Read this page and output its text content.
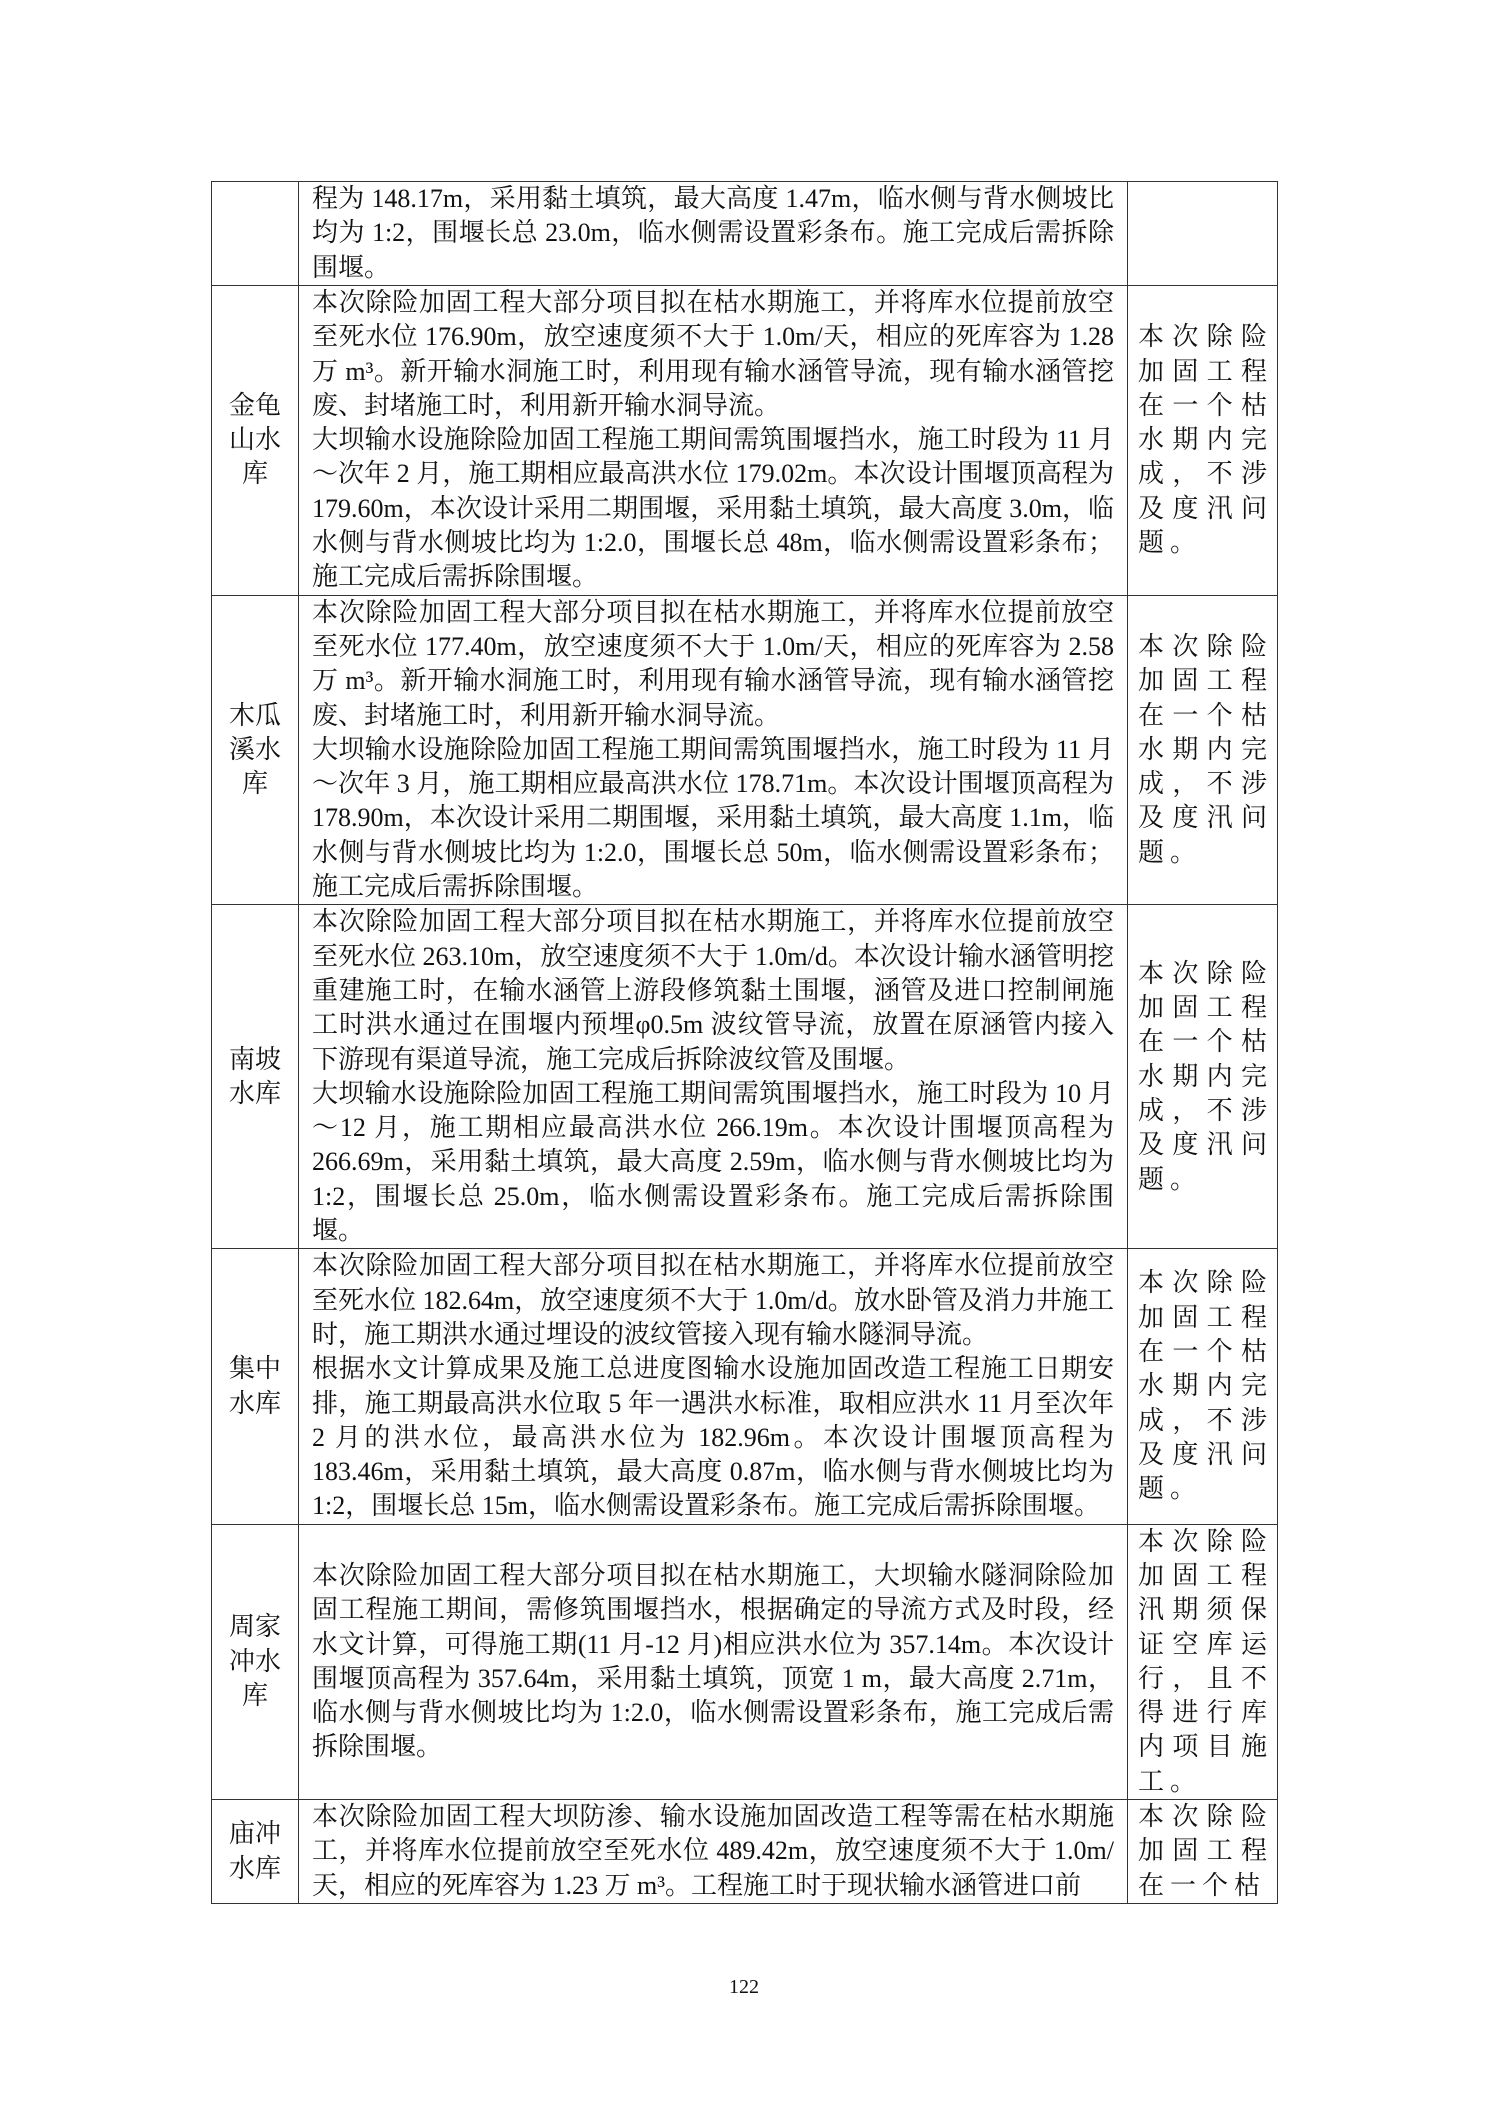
	程为 148.17m，采用黏土填筑，最大高度 1.47m，临水侧与背水侧坡比均为 1:2，围堰长总 23.0m，临水侧需设置彩条布。施工完成后需拆除围堰。	

金龟山水库	本次除险加固工程大部分项目拟在枯水期施工，并将库水位提前放空至死水位 176.90m，放空速度须不大于 1.0m/天，相应的死库容为 1.28 万 m³。新开输水洞施工时，利用现有输水涵管导流，现有输水涵管挖废、封堵施工时，利用新开输水洞导流。
大坝输水设施除险加固工程施工期间需筑围堰挡水，施工时段为 11 月～次年 2 月，施工期相应最高洪水位 179.02m。本次设计围堰顶高程为 179.60m，本次设计采用二期围堰，采用黏土填筑，最大高度 3.0m，临水侧与背水侧坡比均为 1:2.0，围堰长总 48m，临水侧需设置彩条布；施工完成后需拆除围堰。	本次除险加固工程在一个枯水期内完成，不涉及度汛问题。
木瓜溪水库	本次除险加固工程大部分项目拟在枯水期施工，并将库水位提前放空至死水位 177.40m，放空速度须不大于 1.0m/天，相应的死库容为 2.58 万 m³。新开输水洞施工时，利用现有输水涵管导流，现有输水涵管挖废、封堵施工时，利用新开输水洞导流。
大坝输水设施除险加固工程施工期间需筑围堰挡水，施工时段为 11 月～次年 3 月，施工期相应最高洪水位 178.71m。本次设计围堰顶高程为 178.90m，本次设计采用二期围堰，采用黏土填筑，最大高度 1.1m，临水侧与背水侧坡比均为 1:2.0，围堰长总 50m，临水侧需设置彩条布；施工完成后需拆除围堰。	本次除险加固工程在一个枯水期内完成，不涉及度汛问题。
南坡水库	本次除险加固工程大部分项目拟在枯水期施工，并将库水位提前放空至死水位 263.10m，放空速度须不大于 1.0m/d。本次设计输水涵管明挖重建施工时，在输水涵管上游段修筑黏土围堰，涵管及进口控制闸施工时洪水通过在围堰内预埋φ0.5m 波纹管导流，放置在原涵管内接入下游现有渠道导流，施工完成后拆除波纹管及围堰。
大坝输水设施除险加固工程施工期间需筑围堰挡水，施工时段为 10 月～12 月，施工期相应最高洪水位 266.19m。本次设计围堰顶高程为 266.69m，采用黏土填筑，最大高度 2.59m，临水侧与背水侧坡比均为 1:2，围堰长总 25.0m，临水侧需设置彩条布。施工完成后需拆除围堰。	本次除险加固工程在一个枯水期内完成，不涉及度汛问题。
集中水库	本次除险加固工程大部分项目拟在枯水期施工，并将库水位提前放空至死水位 182.64m，放空速度须不大于 1.0m/d。放水卧管及消力井施工时，施工期洪水通过埋设的波纹管接入现有输水隧洞导流。
根据水文计算成果及施工总进度图输水设施加固改造工程施工日期安排，施工期最高洪水位取 5 年一遇洪水标准，取相应洪水 11 月至次年 2 月的洪水位，最高洪水位为 182.96m。本次设计围堰顶高程为 183.46m，采用黏土填筑，最大高度 0.87m，临水侧与背水侧坡比均为 1:2，围堰长总 15m，临水侧需设置彩条布。施工完成后需拆除围堰。	本次除险加固工程在一个枯水期内完成，不涉及度汛问题。
周家冲水库	本次除险加固工程大部分项目拟在枯水期施工，大坝输水隧洞除险加固工程施工期间，需修筑围堰挡水，根据确定的导流方式及时段，经水文计算，可得施工期(11 月-12 月)相应洪水位为 357.14m。本次设计围堰顶高程为 357.64m，采用黏土填筑，顶宽 1 m，最大高度 2.71m，临水侧与背水侧坡比均为 1:2.0，临水侧需设置彩条布，施工完成后需拆除围堰。	本次除险加固工程汛期须保证空库运行，且不得进行库内项目施工。
庙冲水库	本次除险加固工程大坝防渗、输水设施加固改造工程等需在枯水期施工，并将库水位提前放空至死水位 489.42m，放空速度须不大于 1.0m/天，相应的死库容为 1.23 万 m³。工程施工时于现状输水涵管进口前	本次除险加固工程在一个枯
122
